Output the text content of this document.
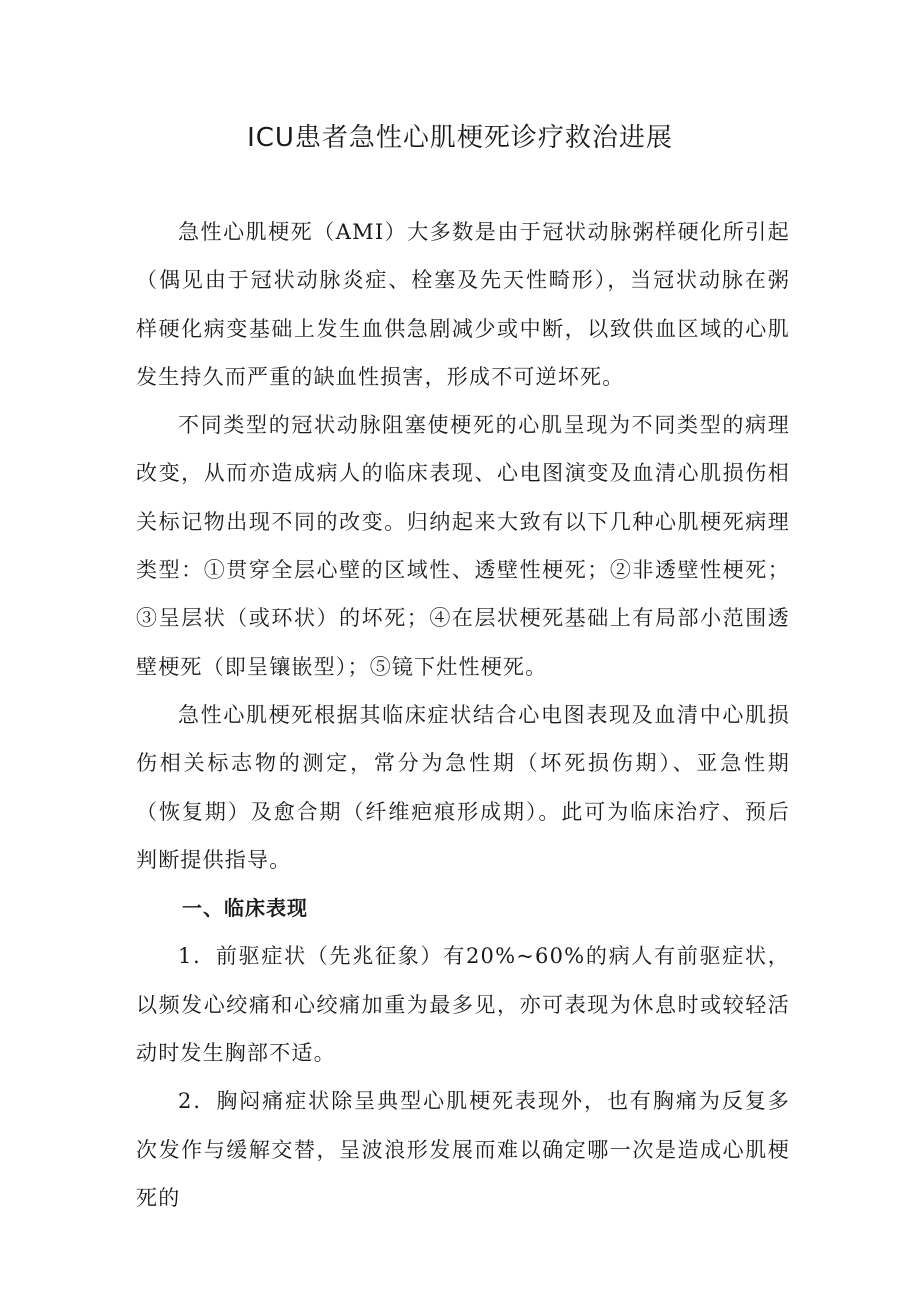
ICU患者急性心肌梗死诊疗救治进展

急性心肌梗死（AMI）大多数是由于冠状动脉粥样硬化所引起（偶见由于冠状动脉炎症、栓塞及先天性畸形），当冠状动脉在粥样硬化病变基础上发生血供急剧减少或中断，以致供血区域的心肌发生持久而严重的缺血性损害，形成不可逆坏死。

不同类型的冠状动脉阻塞使梗死的心肌呈现为不同类型的病理改变，从而亦造成病人的临床表现、心电图演变及血清心肌损伤相关标记物出现不同的改变。归纳起来大致有以下几种心肌梗死病理类型：①贯穿全层心壁的区域性、透壁性梗死；②非透壁性梗死；③呈层状（或环状）的坏死；④在层状梗死基础上有局部小范围透壁梗死（即呈镶嵌型）；⑤镜下灶性梗死。

急性心肌梗死根据其临床症状结合心电图表现及血清中心肌损伤相关标志物的测定，常分为急性期（坏死损伤期）、亚急性期（恢复期）及愈合期（纤维疤痕形成期）。此可为临床治疗、预后判断提供指导。

一、临床表现

1．前驱症状（先兆征象）有20%~60%的病人有前驱症状，以频发心绞痛和心绞痛加重为最多见，亦可表现为休息时或较轻活动时发生胸部不适。

2．胸闷痛症状除呈典型心肌梗死表现外，也有胸痛为反复多次发作与缓解交替，呈波浪形发展而难以确定哪一次是造成心肌梗死的
